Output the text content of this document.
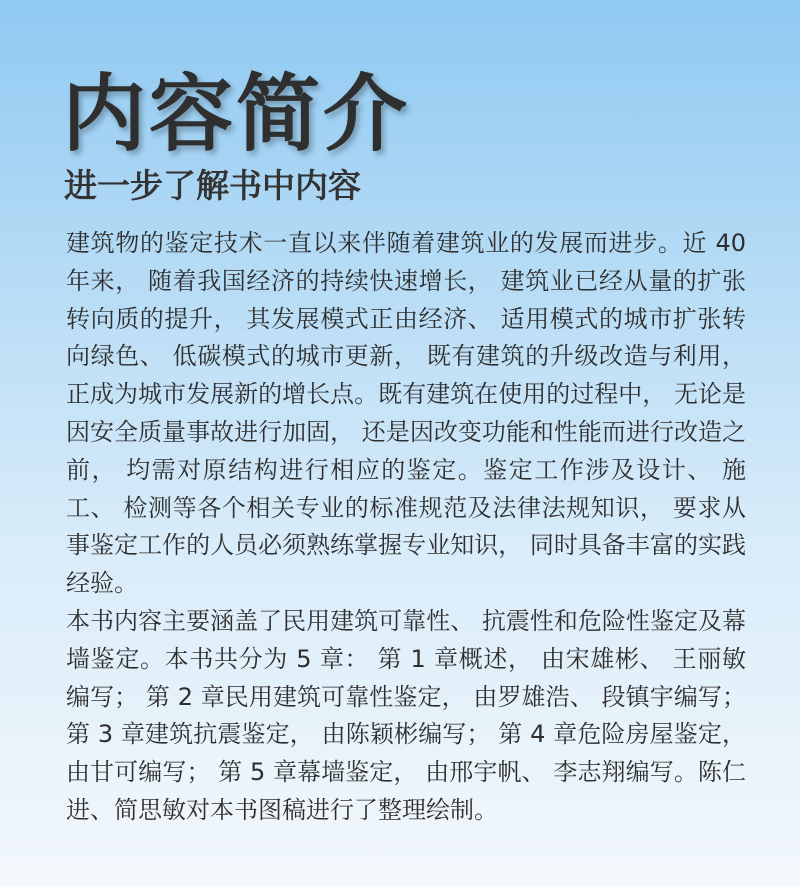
内容简介
进一步了解书中内容

建筑物的鉴定技术一直以来伴随着建筑业的发展而进步。近 40 年来， 随着我国经济的持续快速增长， 建筑业已经从量的扩张转向质的提升， 其发展模式正由经济、 适用模式的城市扩张转向绿色、 低碳模式的城市更新， 既有建筑的升级改造与利用， 正成为城市发展新的增长点。既有建筑在使用的过程中， 无论是因安全质量事故进行加固， 还是因改变功能和性能而进行改造之前， 均需对原结构进行相应的鉴定。鉴定工作涉及设计、 施工、 检测等各个相关专业的标准规范及法律法规知识， 要求从事鉴定工作的人员必须熟练掌握专业知识， 同时具备丰富的实践经验。

本书内容主要涵盖了民用建筑可靠性、 抗震性和危险性鉴定及幕墙鉴定。本书共分为 5 章： 第 1 章概述， 由宋雄彬、 王丽敏编写； 第 2 章民用建筑可靠性鉴定， 由罗雄浩、 段镇宇编写； 第 3 章建筑抗震鉴定， 由陈颖彬编写； 第 4 章危险房屋鉴定， 由甘可编写； 第 5 章幕墙鉴定， 由邢宇帆、 李志翔编写。陈仁进、简思敏对本书图稿进行了整理绘制。
